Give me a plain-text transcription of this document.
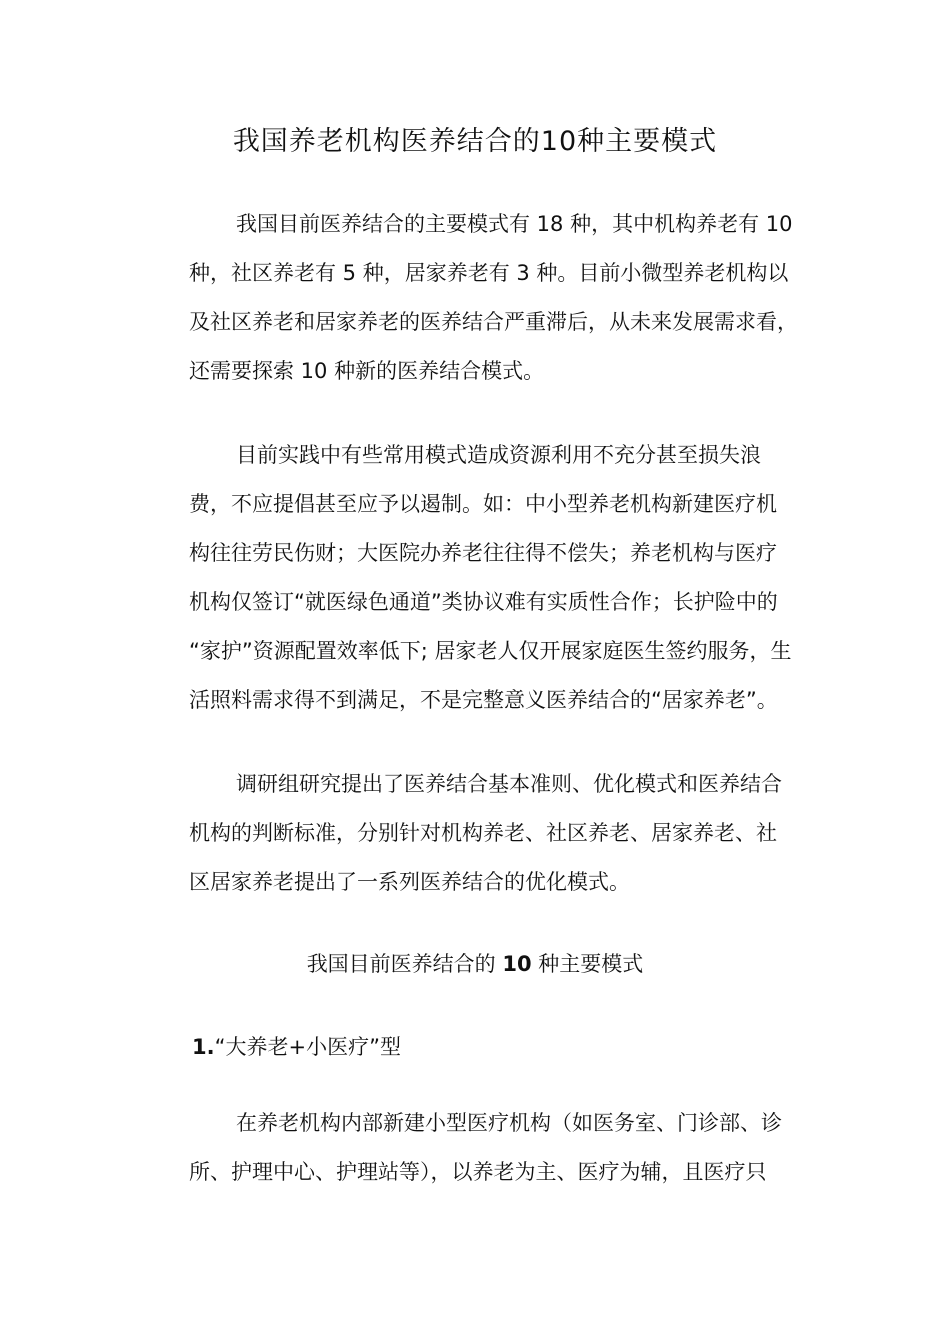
我国养老机构医养结合的10种主要模式
我国目前医养结合的主要模式有 18 种，其中机构养老有 10
种，社区养老有 5 种，居家养老有 3 种。目前小微型养老机构以
及社区养老和居家养老的医养结合严重滞后，从未来发展需求看，
还需要探索 10 种新的医养结合模式。
目前实践中有些常用模式造成资源利用不充分甚至损失浪
费，不应提倡甚至应予以遏制。如：中小型养老机构新建医疗机
构往往劳民伤财；大医院办养老往往得不偿失；养老机构与医疗
机构仅签订“就医绿色通道”类协议难有实质性合作；长护险中的
“家护”资源配置效率低下; 居家老人仅开展家庭医生签约服务，生
活照料需求得不到满足，不是完整意义医养结合的“居家养老”。
调研组研究提出了医养结合基本准则、优化模式和医养结合
机构的判断标准，分别针对机构养老、社区养老、居家养老、社
区居家养老提出了一系列医养结合的优化模式。

我国目前医养结合的 10 种主要模式

1.“大养老+小医疗”型

在养老机构内部新建小型医疗机构（如医务室、门诊部、诊
所、护理中心、护理站等），以养老为主、医疗为辅，且医疗只
